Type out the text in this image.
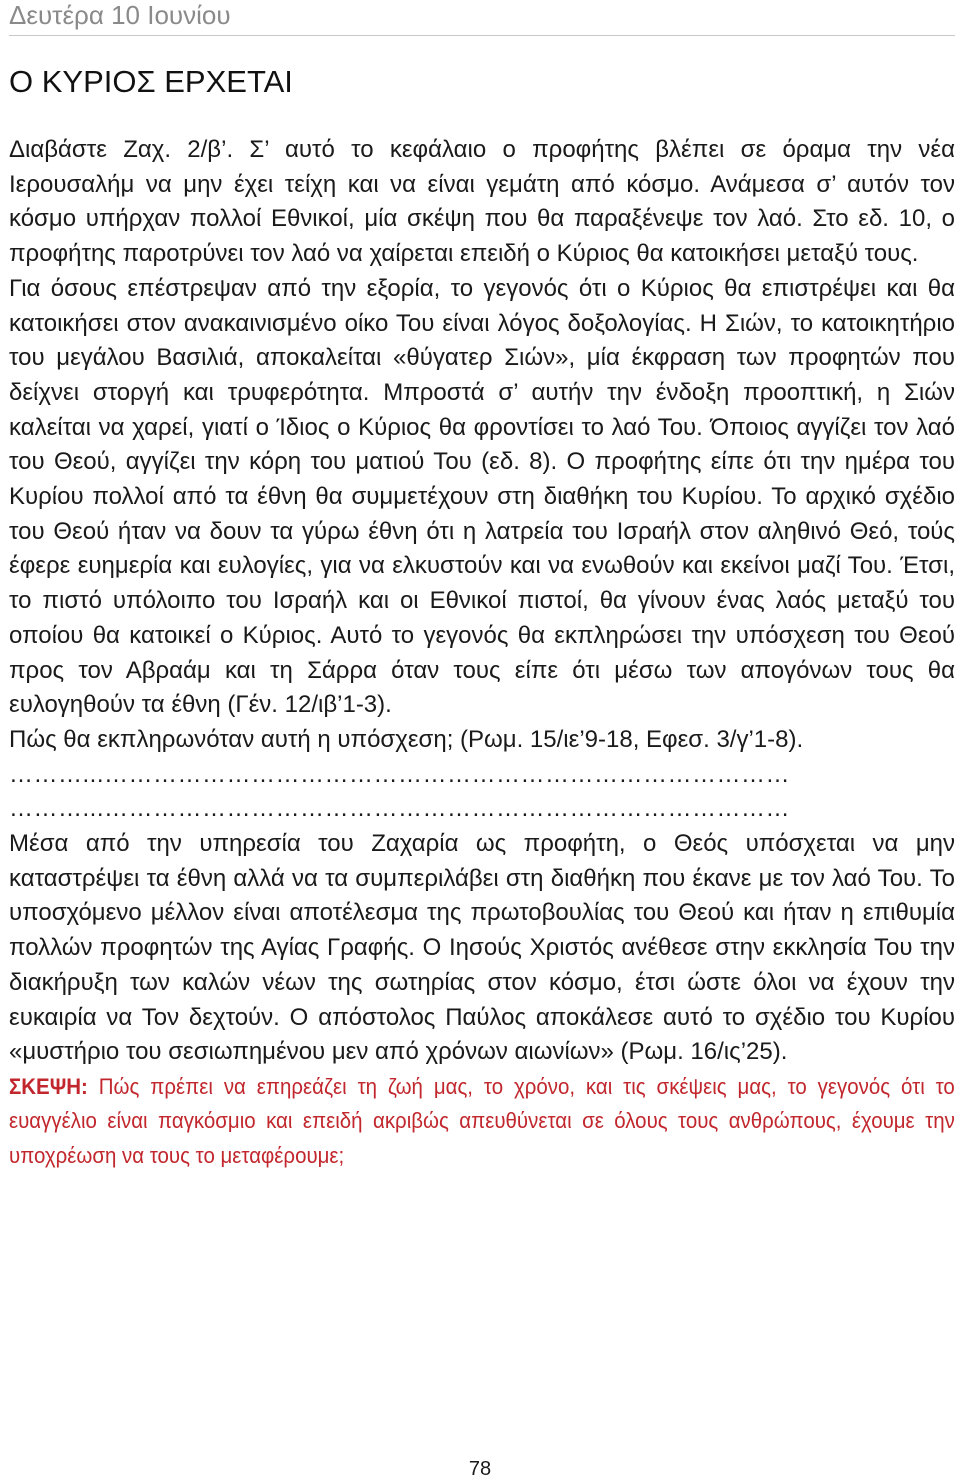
Δευτέρα 10 Ιουνίου
Ο ΚΥΡΙΟΣ ΕΡΧΕΤΑΙ

Διαβάστε Ζαχ. 2/β’. Σ’ αυτό το κεφάλαιο ο προφήτης βλέπει σε όραμα την νέα Ιερουσαλήμ να μην έχει τείχη και να είναι γεμάτη από κόσμο. Ανάμεσα σ’ αυτόν τον κόσμο υπήρχαν πολλοί Εθνικοί, μία σκέψη που θα παραξένεψε τον λαό. Στο εδ. 10, ο προφήτης παροτρύνει τον λαό να χαίρεται επειδή ο Κύριος θα κατοικήσει μεταξύ τους.

Για όσους επέστρεψαν από την εξορία, το γεγονός ότι ο Κύριος θα επιστρέψει και θα κατοικήσει στον ανακαινισμένο οίκο Του είναι λόγος δοξολογίας. Η Σιών, το κατοικητήριο του μεγάλου Βασιλιά, αποκαλείται «θύγατερ Σιών», μία έκφραση των προφητών που δείχνει στοργή και τρυφερότητα. Μπροστά σ’ αυτήν την ένδοξη προοπτική, η Σιών καλείται να χαρεί, γιατί ο Ίδιος ο Κύριος θα φροντίσει το λαό Του. Όποιος αγγίζει τον λαό του Θεού, αγγίζει την κόρη του ματιού Του (εδ. 8). Ο προφήτης είπε ότι την ημέρα του Κυρίου πολλοί από τα έθνη θα συμμετέχουν στη διαθήκη του Κυρίου. Το αρχικό σχέδιο του Θεού ήταν να δουν τα γύρω έθνη ότι η λατρεία του Ισραήλ στον αληθινό Θεό, τούς έφερε ευημερία και ευλογίες, για να ελκυστούν και να ενωθούν και εκείνοι μαζί Του. Έτσι, το πιστό υπόλοιπο του Ισραήλ και οι Εθνικοί πιστοί, θα γίνουν ένας λαός μεταξύ του οποίου θα κατοικεί ο Κύριος. Αυτό το γεγονός θα εκπληρώσει την υπόσχεση του Θεού προς τον Αβραάμ και τη Σάρρα όταν τους είπε ότι μέσω των απογόνων τους θα ευλογηθούν τα έθνη (Γέν. 12/ιβ’1-3).

Πώς θα εκπληρωνόταν αυτή η υπόσχεση; (Ρωμ. 15/ιε’9-18, Εφεσ. 3/γ’1-8).

………...…………………………………………………………………………

………...…………………………………………………………………………

Μέσα από την υπηρεσία του Ζαχαρία ως προφήτη, ο Θεός υπόσχεται να μην καταστρέψει τα έθνη αλλά να τα συμπεριλάβει στη διαθήκη που έκανε με τον λαό Του. Το υποσχόμενο μέλλον είναι αποτέλεσμα της πρωτοβουλίας του Θεού και ήταν η επιθυμία πολλών προφητών της Αγίας Γραφής. Ο Ιησούς Χριστός ανέθεσε στην εκκλησία Του την διακήρυξη των καλών νέων της σωτηρίας στον κόσμο, έτσι ώστε όλοι να έχουν την ευκαιρία να Τον δεχτούν. Ο απόστολος Παύλος αποκάλεσε αυτό το σχέδιο του Κυρίου «μυστήριο του σεσιωπημένου μεν από χρόνων αιωνίων» (Ρωμ. 16/ις’25).

ΣΚΕΨΗ: Πώς πρέπει να επηρεάζει τη ζωή μας, το χρόνο, και τις σκέψεις μας, το γεγονός ότι το ευαγγέλιο είναι παγκόσμιο και επειδή ακριβώς απευθύνεται σε όλους τους ανθρώπους, έχουμε την υποχρέωση να τους το μεταφέρουμε;

78
